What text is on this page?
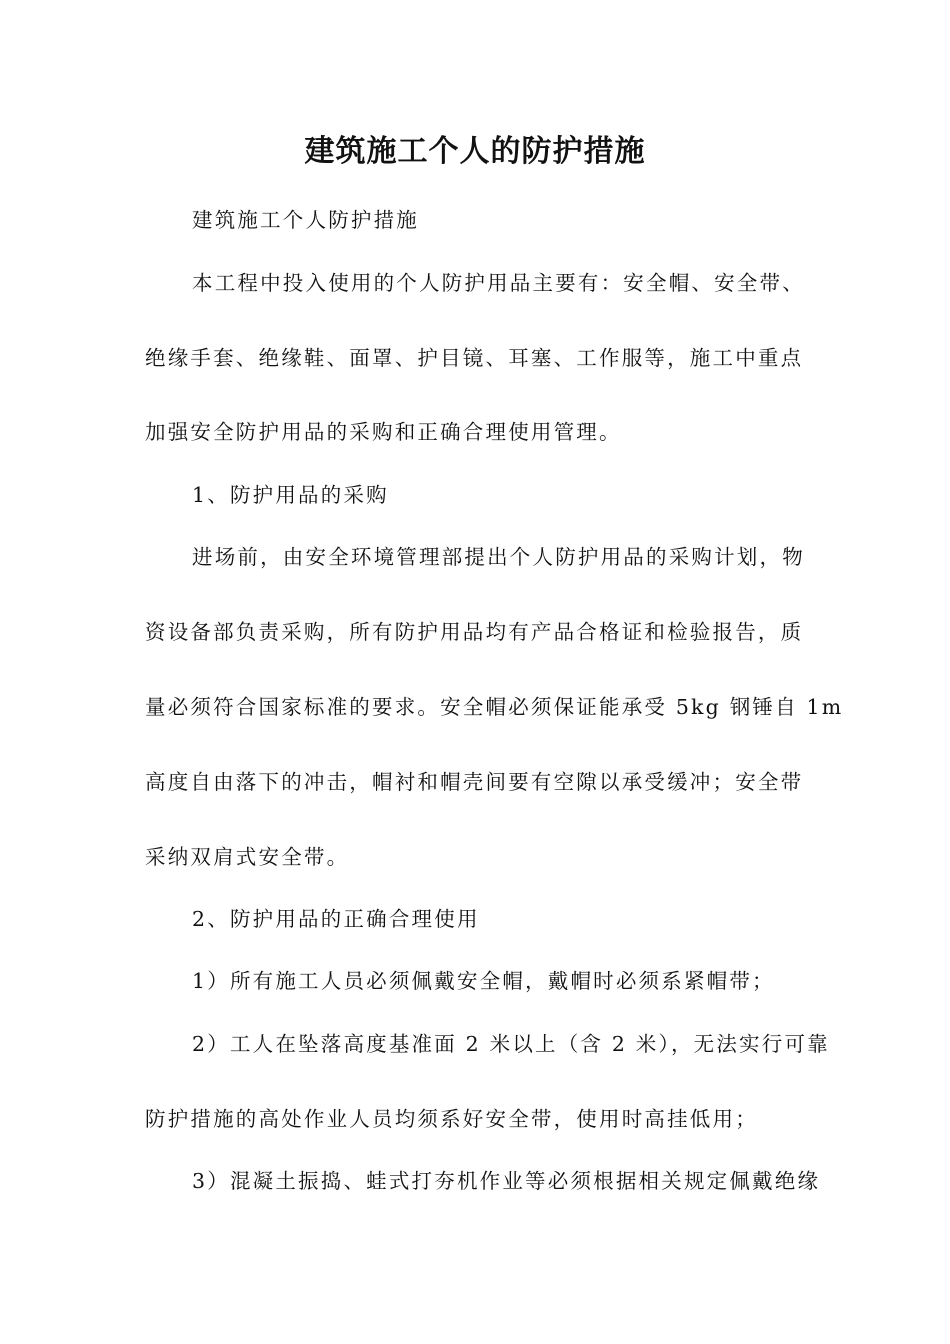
建筑施工个人的防护措施
建筑施工个人防护措施
本工程中投入使用的个人防护用品主要有：安全帽、安全带、
绝缘手套、绝缘鞋、面罩、护目镜、耳塞、工作服等，施工中重点
加强安全防护用品的采购和正确合理使用管理。
1、防护用品的采购
进场前，由安全环境管理部提出个人防护用品的采购计划，物
资设备部负责采购，所有防护用品均有产品合格证和检验报告，质
量必须符合国家标准的要求。安全帽必须保证能承受 5kg 钢锤自 1m
高度自由落下的冲击，帽衬和帽壳间要有空隙以承受缓冲；安全带
采纳双肩式安全带。
2、防护用品的正确合理使用
1）所有施工人员必须佩戴安全帽，戴帽时必须系紧帽带；
2）工人在坠落高度基准面 2 米以上（含 2 米），无法实行可靠
防护措施的高处作业人员均须系好安全带，使用时高挂低用；
3）混凝土振捣、蛙式打夯机作业等必须根据相关规定佩戴绝缘
